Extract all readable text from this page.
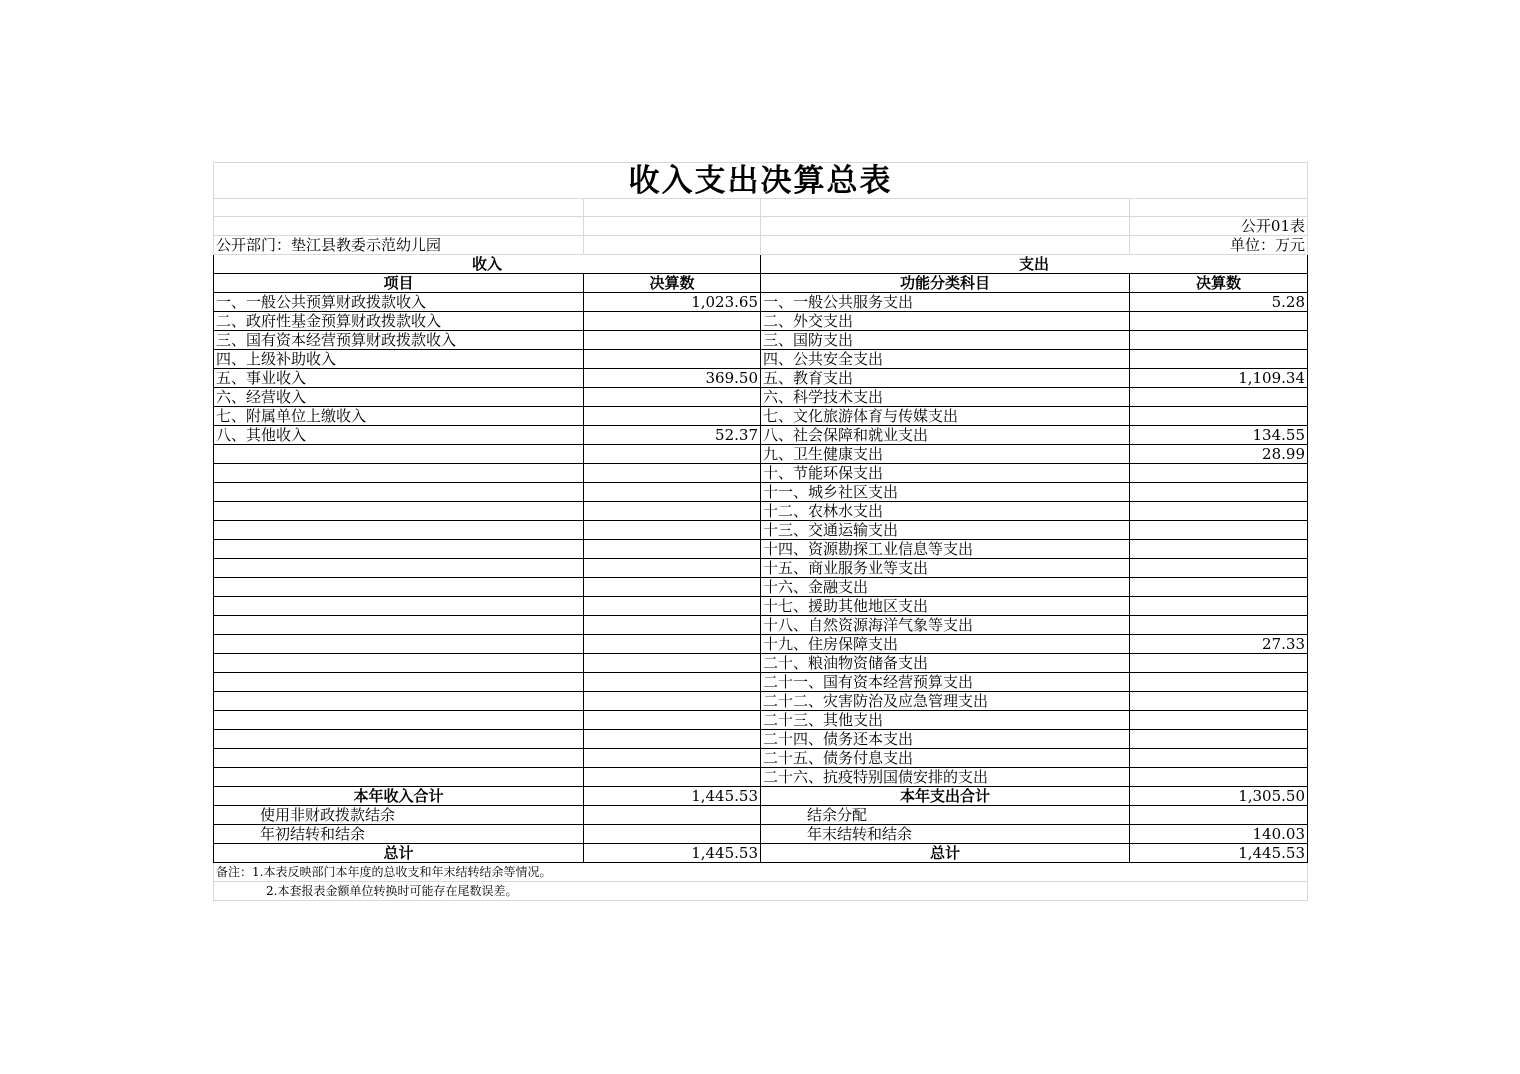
收入支出决算总表			

			公开01表
公开部门：垫江县教委示范幼儿园			单位：万元
收入		支出	
项目	决算数	功能分类科目	决算数
一、一般公共预算财政拨款收入	1,023.65	一、一般公共服务支出	5.28
二、政府性基金预算财政拨款收入		二、外交支出	
三、国有资本经营预算财政拨款收入		三、国防支出	
四、上级补助收入		四、公共安全支出	
五、事业收入	369.50	五、教育支出	1,109.34
六、经营收入		六、科学技术支出	
七、附属单位上缴收入		七、文化旅游体育与传媒支出	
八、其他收入	52.37	八、社会保障和就业支出	134.55
		九、卫生健康支出	28.99
		十、节能环保支出	
		十一、城乡社区支出	
		十二、农林水支出	
		十三、交通运输支出	
		十四、资源勘探工业信息等支出	
		十五、商业服务业等支出	
		十六、金融支出	
		十七、援助其他地区支出	
		十八、自然资源海洋气象等支出	
		十九、住房保障支出	27.33
		二十、粮油物资储备支出	
		二十一、国有资本经营预算支出	
		二十二、灾害防治及应急管理支出	
		二十三、其他支出	
		二十四、债务还本支出	
		二十五、债务付息支出	
		二十六、抗疫特别国债安排的支出	
本年收入合计	1,445.53	本年支出合计	1,305.50
使用非财政拨款结余		结余分配	
年初结转和结余		年末结转和结余	140.03
总计	1,445.53	总计	1,445.53
备注：1.本表反映部门本年度的总收支和年末结转结余等情况。			
2.本套报表金额单位转换时可能存在尾数误差。			
